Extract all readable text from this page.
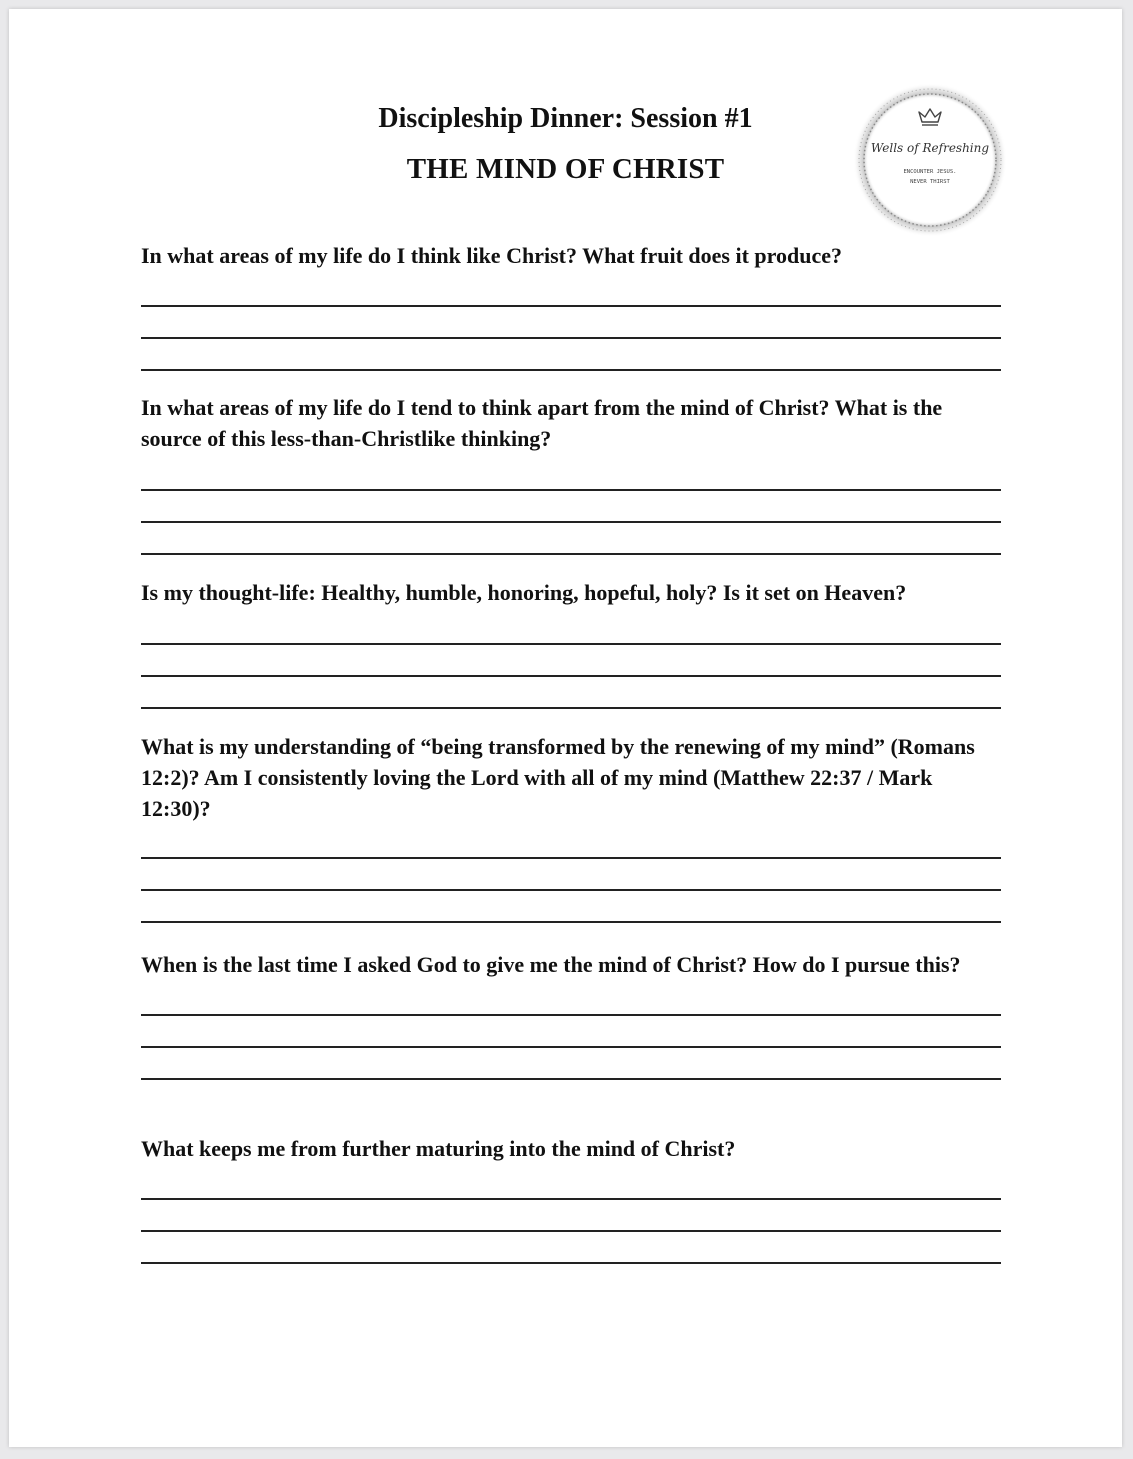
Discipleship Dinner: Session #1
THE MIND OF CHRIST
Wells of Refreshing
ENCOUNTER JESUS.
NEVER THIRST

In what areas of my life do I think like Christ? What fruit does it produce?

In what areas of my life do I tend to think apart from the mind of Christ? What is the source of this less-than-Christlike thinking?

Is my thought-life: Healthy, humble, honoring, hopeful, holy? Is it set on Heaven?

What is my understanding of “being transformed by the renewing of my mind” (Romans 12:2)? Am I consistently loving the Lord with all of my mind (Matthew 22:37 / Mark 12:30)?

When is the last time I asked God to give me the mind of Christ? How do I pursue this?

What keeps me from further maturing into the mind of Christ?
